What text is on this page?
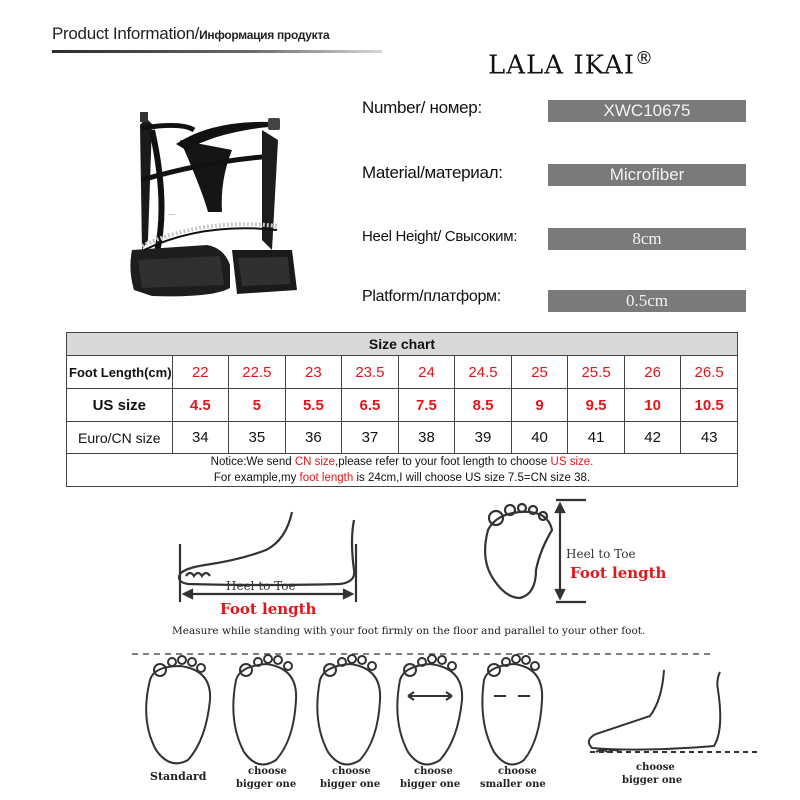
Product Information/Информация продукта
LALA IKAI®
—
Number/ номер:	XWC10675
Material/материал:	Microfiber
Heel Height/ Свысоким:	8cm
Platform/платформ:	0.5cm
Size chart										
Foot Length(cm)	22	22.5	23	23.5	24	24.5	25	25.5	26	26.5
US size	4.5	5	5.5	6.5	7.5	8.5	9	9.5	10	10.5
Euro/CN size	34	35	36	37	38	39	40	41	42	43
Notice:We send CN size,please refer to your foot length to choose US size.
For example,my foot length is 24cm,I will choose US size 7.5=CN size 38.										
Heel to Toe
Foot length
Heel to Toe
Foot length
Measure while standing with your foot firmly on the floor and parallel to your other foot.
Standard	choose
bigger one
choose
bigger one
choose
bigger one
choose
smaller one
choose
bigger one
